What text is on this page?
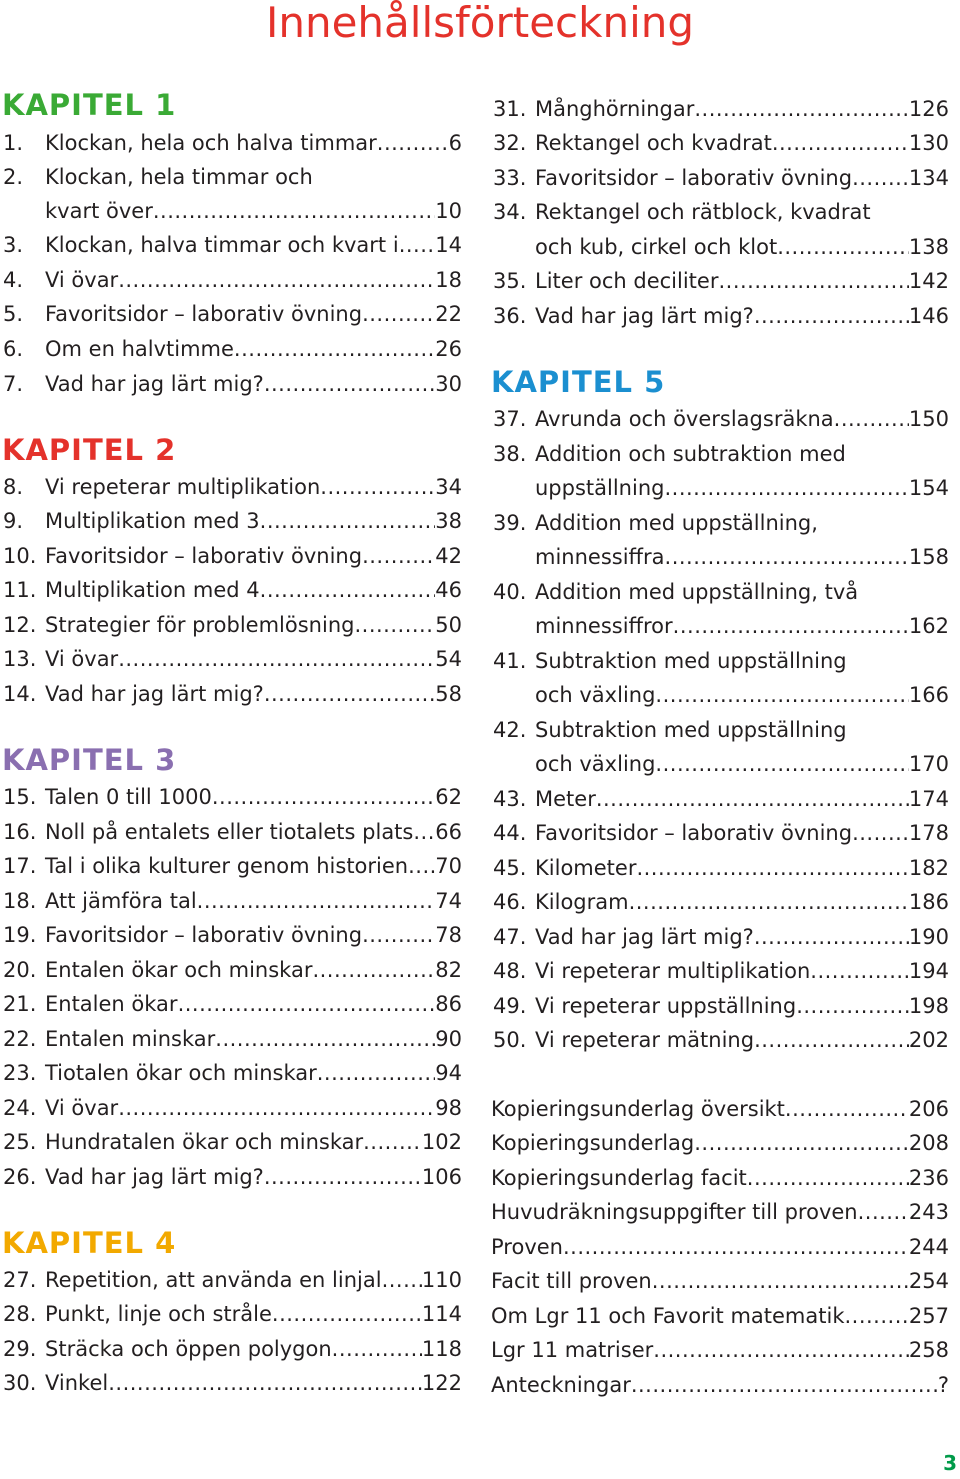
Innehållsförteckning
KAPITEL 1
1. Klockan, hela och halva timmar .....	6
2. Klockan, hela timmar och
kvart över .....	10
3. Klockan, halva timmar och kvart i ..... 14
4. Vi övar .....	18
5. Favoritsidor – laborativ övning .....	22
6. Om en halvtimme .....	26
7. Vad har jag lärt mig? .....	30
KAPITEL 2
8. Vi repeterar multiplikation .....	34
9. Multiplikation med 3 .....	38
10. Favoritsidor – laborativ övning .....	42
11. Multiplikation med 4 .....	46
12. Strategier för problemlösning .....	50
13. Vi övar .....	54
14. Vad har jag lärt mig? .....	58
KAPITEL 3
15. Talen 0 till 1000 .....	62
16. Noll på entalets eller tiotalets plats ..... 66
17. Tal i olika kulturer genom historien ..... 70
18. Att jämföra tal .....	74
19. Favoritsidor – laborativ övning .....	78
20. Entalen ökar och minskar .....	82
21. Entalen ökar .....	86
22. Entalen minskar .....	90
23. Tiotalen ökar och minskar .....	94
24. Vi övar .....	98
25. Hundratalen ökar och minskar .....	102
26. Vad har jag lärt mig? .....	106
KAPITEL 4
27. Repetition, att använda en linjal ..... 110
28. Punkt, linje och stråle .....	114
29. Sträcka och öppen polygon .....	118
30. Vinkel .....	122
31. Månghörningar .....	126
32. Rektangel och kvadrat .....	130
33. Favoritsidor – laborativ övning .....	134
34. Rektangel och rätblock, kvadrat
och kub, cirkel och klot .....	138
35. Liter och deciliter .....	142
36. Vad har jag lärt mig? .....	146
KAPITEL 5
37. Avrunda och överslagsräkna .....	150
38. Addition och subtraktion med
uppställning .....	154
39. Addition med uppställning,
minnessiffra .....	158
40. Addition med uppställning, två
minnessiffror .....	162
41. Subtraktion med uppställning
och växling .....	166
42. Subtraktion med uppställning
och växling .....	170
43. Meter .....	174
44. Favoritsidor – laborativ övning .....	178
45. Kilometer .....	182
46. Kilogram .....	186
47. Vad har jag lärt mig? .....	190
48. Vi repeterar multiplikation .....	194
49. Vi repeterar uppställning .....	198
50. Vi repeterar mätning .....	202
Kopieringsunderlag översikt .....	206
Kopieringsunderlag .....	208
Kopieringsunderlag facit .....	236
Huvudräkningsuppgifter till proven ..... 243
Proven .....	244
Facit till proven .....	254
Om Lgr 11 och Favorit matematik .....	257
Lgr 11 matriser .....	258
Anteckningar .....	?
3
